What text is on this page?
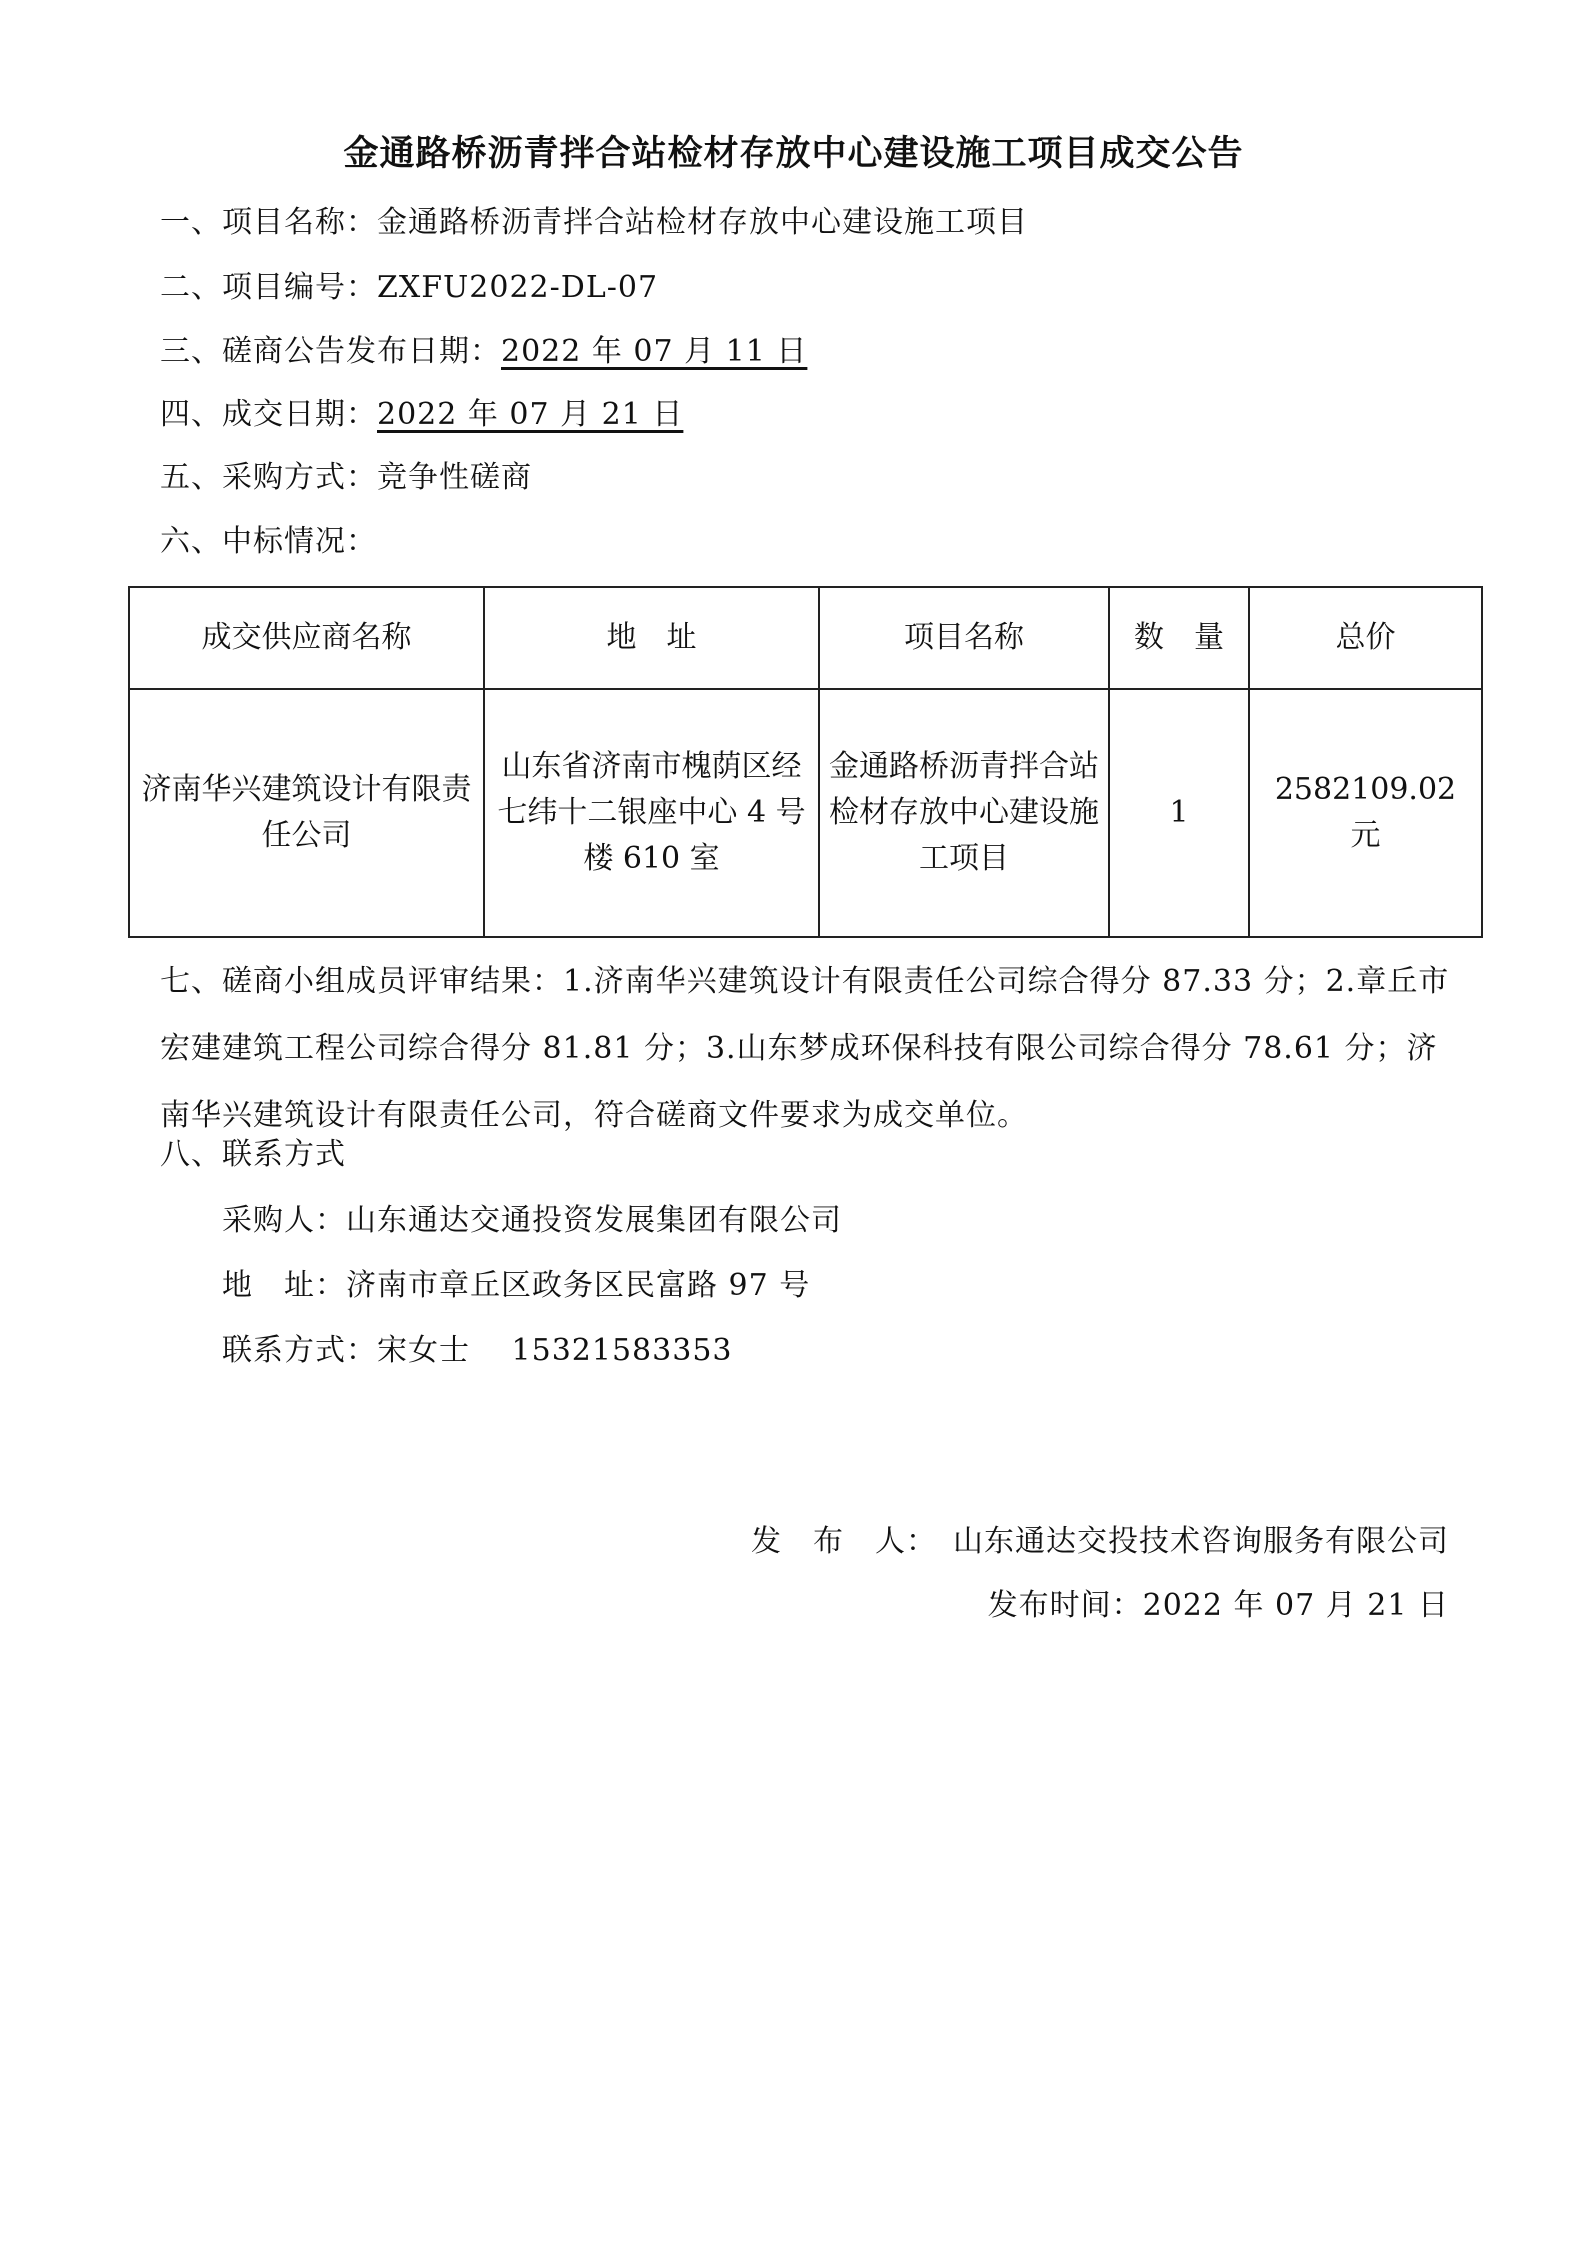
金通路桥沥青拌合站检材存放中心建设施工项目成交公告
一、项目名称：金通路桥沥青拌合站检材存放中心建设施工项目
二、项目编号：ZXFU2022-DL-07
三、磋商公告发布日期：2022 年 07 月 11 日
四、成交日期：2022 年 07 月 21 日
五、采购方式：竞争性磋商
六、中标情况：
成交供应商名称	地　址	项目名称	数　量	总价
济南华兴建筑设计有限责任公司	山东省济南市槐荫区经七纬十二银座中心 4 号楼 610 室	金通路桥沥青拌合站检材存放中心建设施工项目	1	2582109.02 元
七、磋商小组成员评审结果：1.济南华兴建筑设计有限责任公司综合得分 87.33 分；2.章丘市宏建建筑工程公司综合得分 81.81 分；3.山东梦成环保科技有限公司综合得分 78.61 分；济南华兴建筑设计有限责任公司，符合磋商文件要求为成交单位。
八、联系方式
采购人：山东通达交通投资发展集团有限公司
地　址：济南市章丘区政务区民富路 97 号
联系方式：宋女士　 15321583353
发　布　人：　山东通达交投技术咨询服务有限公司
发布时间：2022 年 07 月 21 日
